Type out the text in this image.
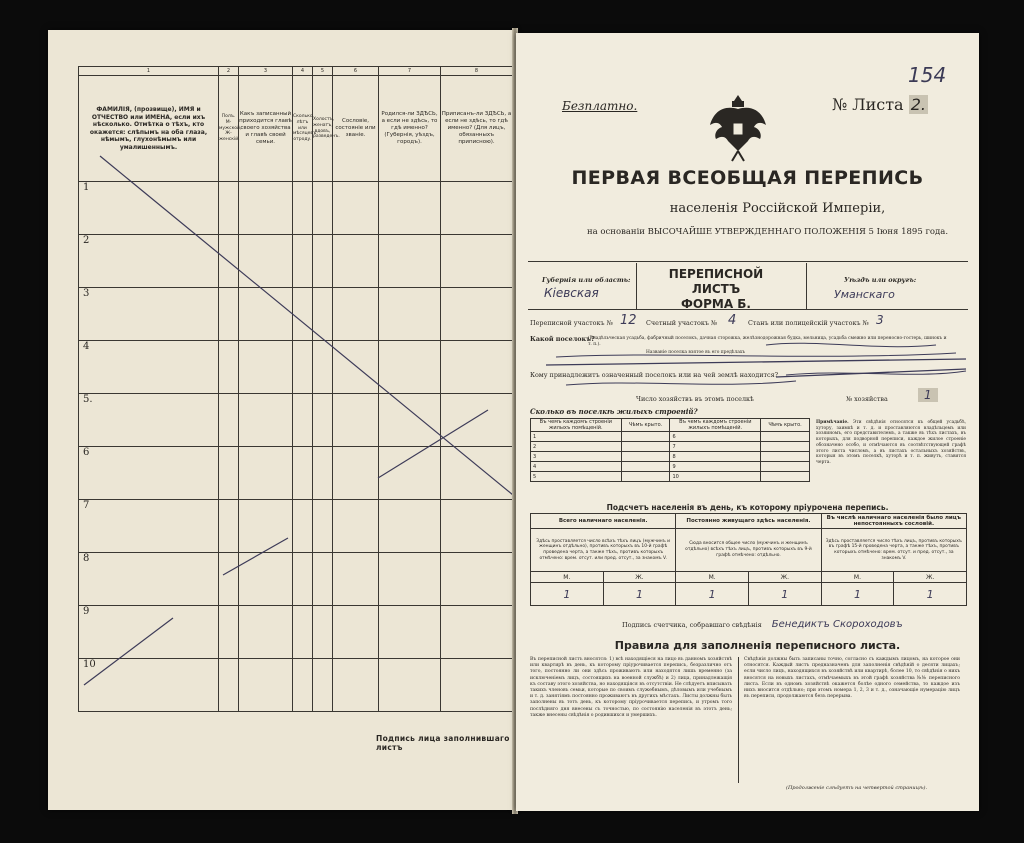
1	2	3	4	5	6	7	8
ФАМИЛІЯ, (прозвище), ИМЯ и ОТЧЕСТВО или ИМЕНА, если ихъ нѣсколько. Отмѣтка о тѣхъ, кто окажется: слѣпымъ на оба глаза, нѣмымъ, глухонѣмымъ или умалишеннымъ.	Полъ. М-мужской, Ж-женскій.	Какъ записанный приходится главѣ своего хозяйства и главѣ своей семьи.	Сколько лѣтъ или мѣсяцевъ отроду.	Холостъ, женатъ, вдовъ, разведенъ.	Сословіе, состояніе или званіе.	Родился-ли ЗДѢСЬ, а если не здѣсь, то гдѣ именно? (Губернія, уѣздъ, городъ).	Приписанъ-ли ЗДѢСЬ, а если не здѣсь, то гдѣ именно? (Для лицъ, обязанныхъ приписною).
1							
2							
3							
4							
5.							
6							
7							
8							
9							
10							
Подпись лица заполнившаго листъ
154
Безплатно.	№ Листа 2.
ПЕРВАЯ ВСЕОБЩАЯ ПЕРЕПИСЬ
населенія Россійской Имперіи,
на основаніи ВЫСОЧАЙШЕ УТВЕРЖДЕННАГО ПОЛОЖЕНІЯ 5 Іюня 1895 года.
Губернія или область:
Кіевская
ПЕРЕПИСНОЙ ЛИСТЪ
ФОРМА Б.
Уѣздъ или округъ:
Уманскаго
Переписной участокъ № 12 Счетный участокъ № 4 Станъ или полицейскій участокъ № 3
Какой поселокъ?
(Владѣльческая усадьба, фабричный поселокъ, дачная сторожка, желѣзнодорожная будка, мельница, усадьба смежно или переносно-гостерь, шинокъ и т. п.).
Названіе поселка взятое въ его предѣлахъ
Кому принадлежитъ означенный поселокъ или на чей землѣ находится?
Число хозяйствъ въ этомъ поселкѣ	№ хозяйства	1
Сколько въ поселкѣ жилыхъ строеній?
Въ чемъ каждомъ строеніи жилыхъ помѣщеній.	Чѣмъ крыто.	Въ чемъ каждомъ строеніи жилыхъ помѣщеній.	Чѣмъ крыто.
1		6	
2		7	
3		8	
4		9	
5		10	
Примѣчаніе. Эти свѣдѣнія относятся къ общей усадьбѣ, хутору, заимкѣ и т. д. и проставляются владѣльцемъ или хозяиномъ, его представителемъ, а также въ тѣхъ листахъ, въ которыхъ, для подворной переписи, каждое жилое строеніе обозначено особо, и отмѣчаются въ соотвѣтствующей графѣ этого листа числомъ, а въ листахъ остальныхъ хозяйствъ, которыя въ этомъ поселкѣ, хуторѣ и т. п. живутъ, ставится черта.
Подсчетъ населенія въ день, къ которому пріурочена перепись.
Всего наличнаго населенія.		Постоянно живущаго здѣсь населенія.		Въ числѣ наличнаго населенія было лицъ непостоянныхъ сословій.	
Здѣсь проставляется число всѣхъ тѣхъ лицъ (мужчинъ и женщинъ отдѣльно), противъ которыхъ въ 10-й графѣ проведена черта, а также тѣхъ, противъ которыхъ отмѣчено: врем. отсут. или пред. отсут., за знакомъ V.		Сюда вносится общее число (мужчинъ и женщинъ отдѣльно) всѣхъ тѣхъ лицъ, противъ которыхъ въ 9-й графѣ отмѣчено: отдѣльно.		Здѣсь проставляется число тѣхъ лицъ, противъ которыхъ въ графѣ 15-й проведена черта, а также тѣхъ, противъ которыхъ отмѣчено: врем. отсут. и пред. отсут., за знакомъ V.	
М.	Ж.	М.	Ж.	М.	Ж.
1	1	1	1	1	1
Подпись счетчика, собравшаго свѣдѣнія Бенедиктъ Скороходовъ
Правила для заполненія переписного листа.
Въ переписной листъ вносятся: 1) всѣ находящіеся на лицо въ данномъ хозяйствѣ или квартирѣ въ день, къ которому пріурочивается перепись, безразлично отъ того, постоянно ли они здѣсь проживаютъ или находятся лишь временно (за исключеніемъ лицъ, состоящихъ на военной службѣ) и 2) лица, принадлежащія къ составу этого хозяйства, но находящіяся въ отсутствіи. Не слѣдуетъ вписывать такихъ членовъ семьи, которые по своимъ служебнымъ, дѣловымъ или учебнымъ и т. д. занятіямъ постоянно проживаютъ въ другихъ мѣстахъ. Листы должны быть заполнены въ тотъ день, къ которому пріурочивается перепись, и утромъ того послѣдняго дня внесены съ точностью, по состоянію населенія въ этотъ день; также внесены свѣдѣнія о родившихся и умершихъ.
Свѣдѣнія должны быть записаны точно, согласно съ каждымъ лицомъ, на которое они относятся. Каждый листъ предназначенъ для заполненія свѣдѣній о десяти лицахъ; если число лицъ, находящихся въ хозяйствѣ или квартирѣ, более 10, то свѣдѣнія о нихъ вносятся на новыхъ листахъ, отмѣчаемыхъ въ этой графѣ хозяйства №№ переписного листа. Если въ одномъ хозяйствѣ окажется болѣе одного семейства, то каждое изъ нихъ вносится отдѣльно; при этомъ номера 1, 2, 3 и т. д., означающіе нумерацію лицъ въ переписи, продолжаются безъ перерыва.
(Продолженіе слѣдуетъ на четвертой страницѣ).
